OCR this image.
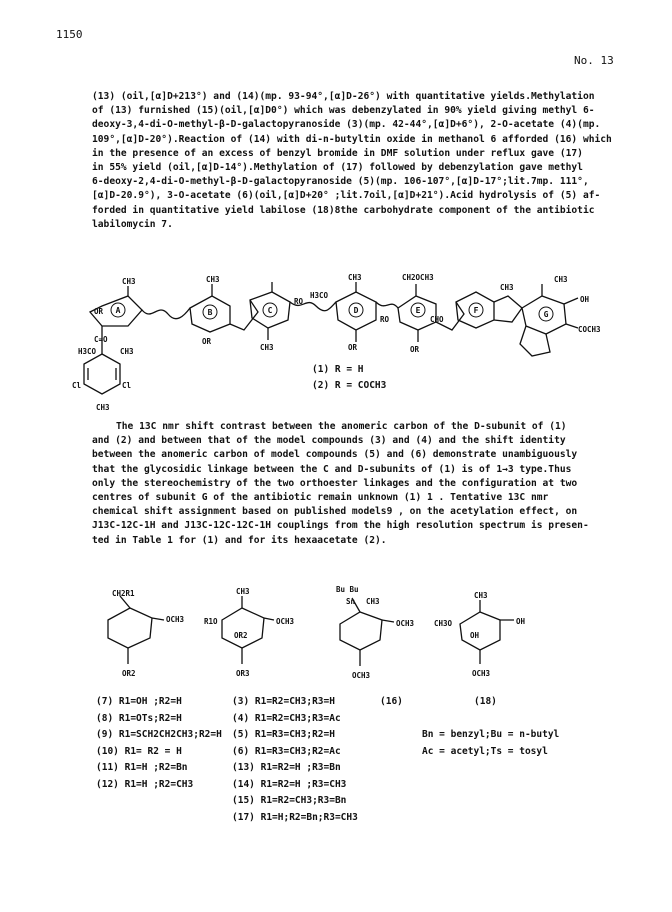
1150
No. 13
(13) (oil,[α]D+213°) and (14)(mp. 93-94°,[α]D-26°) with quantitative yields.Methylation
of (13) furnished (15)(oil,[α]D0°) which was debenzylated in 90% yield giving methyl 6-
deoxy-3,4-di-O-methyl-β-D-galactopyranoside (3)(mp. 42-44°,[α]D+6°), 2-O-acetate (4)(mp.
109°,[α]D-20°).Reaction of (14) with di-n-butyltin oxide in methanol 6 afforded (16) which
in the presence of an excess of benzyl bromide in DMF solution under reflux gave (17)
in 55% yield (oil,[α]D-14°).Methylation of (17) followed by debenzylation gave methyl
6-deoxy-2,4-di-O-methyl-β-D-galactopyranoside (5)(mp. 106-107°,[α]D-17°;lit.7mp. 111°,
[α]D-20.9°), 3-O-acetate (6)(oil,[α]D+20° ;lit.7oil,[α]D+21°).Acid hydrolysis of (5) af-
forded in quantitative yield labilose (18)8the carbohydrate component of the antibiotic
labilomycin 7.
A	B	C	D	E	F	G
CH3
OR
C=O
H3CO	CH3
Cl	Cl
CH3
CH3
RO
OR
CH3
H3CO
CH3
OR
CH2OCH3
RO	CHO
OR
CH3
CH3
OH
COCH3
(1) R = H
(2) R = COCH3
The 13C nmr shift contrast between the anomeric carbon of the D-subunit of (1)
and (2) and between that of the model compounds (3) and (4) and the shift identity
between the anomeric carbon of model compounds (5) and (6) demonstrate unambiguously
that the glycosidic linkage between the C and D-subunits of (1) is of 1→3 type.Thus
only the stereochemistry of the two orthoester linkages and the configuration at two
centres of subunit G of the antibiotic remain unknown (1) 1 . Tentative 13C nmr
chemical shift assignment based on published models9 , on the acetylation effect, on
J13C-12C-1H and J13C-12C-12C-1H couplings from the high resolution spectrum is presen-
ted in Table 1 for (1) and for its hexaacetate (2).
CH2R1
OCH3
OR2
CH3
R1O
OR2
OCH3
OR3
Bu Bu
Sn CH3
OCH3
OCH3
CH3
CH3O
OH
OH
OCH3
(7) R1=OH ;R2=H
(8) R1=OTs;R2=H
(9) R1=SCH2CH2CH3;R2=H
(10) R1= R2 = H
(11) R1=H ;R2=Bn
(12) R1=H ;R2=CH3
(3) R1=R2=CH3;R3=H
(4) R1=R2=CH3;R3=Ac
(5) R1=R3=CH3;R2=H
(6) R1=R3=CH3;R2=Ac
(13) R1=R2=H ;R3=Bn
(14) R1=R2=H ;R3=CH3
(15) R1=R2=CH3;R3=Bn
(17) R1=H;R2=Bn;R3=CH3
(16)	(18)
Bn = benzyl;Bu = n-butyl
Ac = acetyl;Ts = tosyl
